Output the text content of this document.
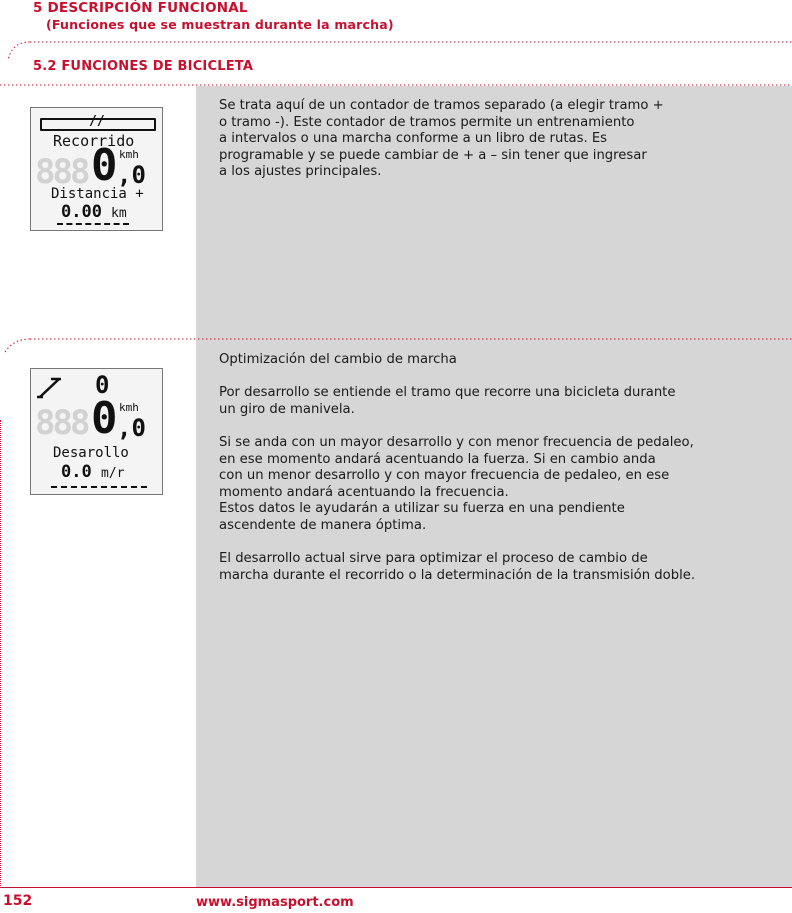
5 DESCRIPCIÓN FUNCIONAL
(Funciones que se muestran durante la marcha)
5.2 FUNCIONES DE BICICLETA
//
Recorrido
888 0 ,0
kmh
Distancia +
0.00 km
Se trata aquí de un contador de tramos separado (a elegir tramo +
o tramo -). Este contador de tramos permite un entrenamiento
a intervalos o una marcha conforme a un libro de rutas. Es
programable y se puede cambiar de + a – sin tener que ingresar
a los ajustes principales.
0
888 0 ,0
kmh
Desarollo
0.0 m/r
Optimización del cambio de marcha

Por desarrollo se entiende el tramo que recorre una bicicleta durante
un giro de manivela.

Si se anda con un mayor desarrollo y con menor frecuencia de pedaleo,
en ese momento andará acentuando la fuerza. Si en cambio anda
con un menor desarrollo y con mayor frecuencia de pedaleo, en ese
momento andará acentuando la frecuencia.
Estos datos le ayudarán a utilizar su fuerza en una pendiente
ascendente de manera óptima.

El desarrollo actual sirve para optimizar el proceso de cambio de
marcha durante el recorrido o la determinación de la transmisión doble.
152	www.sigmasport.com
